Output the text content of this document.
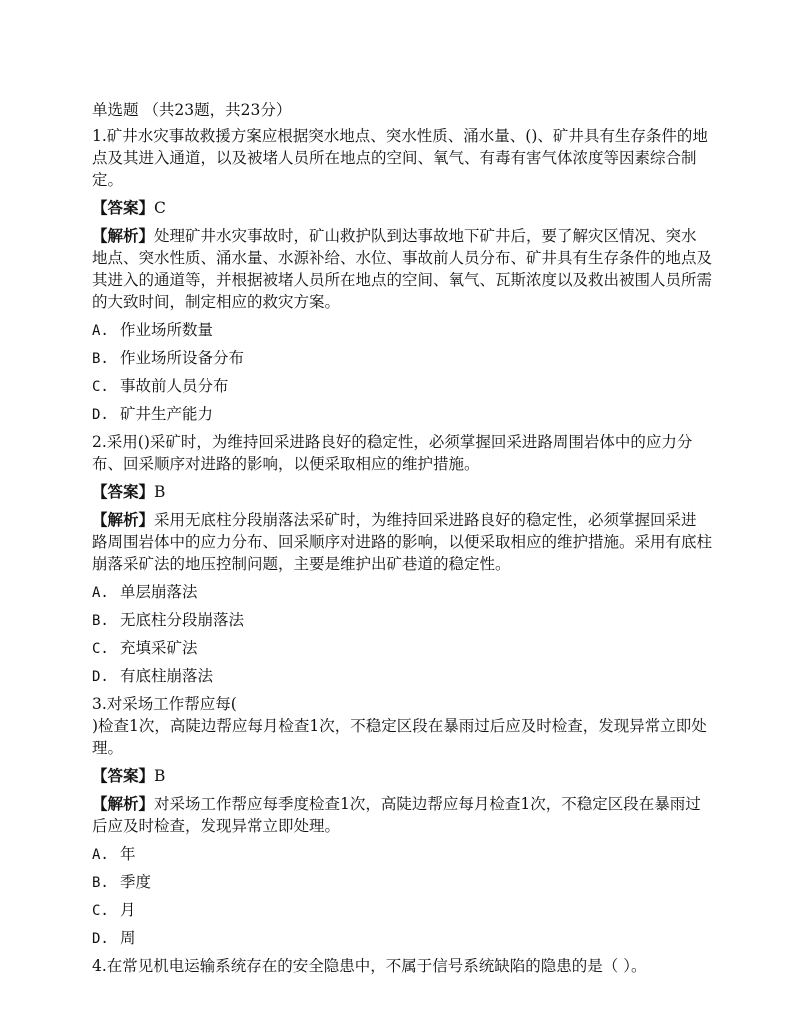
单选题 （共23题，共23分）
1.矿井水灾事故救援方案应根据突水地点、突水性质、涌水量、()、矿井具有生存条件的地点及其进入通道，以及被堵人员所在地点的空间、氧气、有毒有害气体浓度等因素综合制定。
【答案】C
【解析】处理矿井水灾事故时，矿山救护队到达事故地下矿井后，要了解灾区情况、突水地点、突水性质、涌水量、水源补给、水位、事故前人员分布、矿井具有生存条件的地点及其进入的通道等，并根据被堵人员所在地点的空间、氧气、瓦斯浓度以及救出被围人员所需的大致时间，制定相应的救灾方案。
A. 作业场所数量
B. 作业场所设备分布
C. 事故前人员分布
D. 矿井生产能力
2.采用()采矿时，为维持回采进路良好的稳定性，必须掌握回采进路周围岩体中的应力分布、回采顺序对进路的影响，以便采取相应的维护措施。
【答案】B
【解析】采用无底柱分段崩落法采矿时，为维持回采进路良好的稳定性，必须掌握回采进路周围岩体中的应力分布、回采顺序对进路的影响，以便采取相应的维护措施。采用有底柱崩落采矿法的地压控制问题，主要是维护出矿巷道的稳定性。
A. 单层崩落法
B. 无底柱分段崩落法
C. 充填采矿法
D. 有底柱崩落法
3.对采场工作帮应每(
)检查1次，高陡边帮应每月检查1次，不稳定区段在暴雨过后应及时检查，发现异常立即处理。
【答案】B
【解析】对采场工作帮应每季度检查1次，高陡边帮应每月检查1次，不稳定区段在暴雨过后应及时检查，发现异常立即处理。
A. 年
B. 季度
C. 月
D. 周
4.在常见机电运输系统存在的安全隐患中，不属于信号系统缺陷的隐患的是（ ）。
